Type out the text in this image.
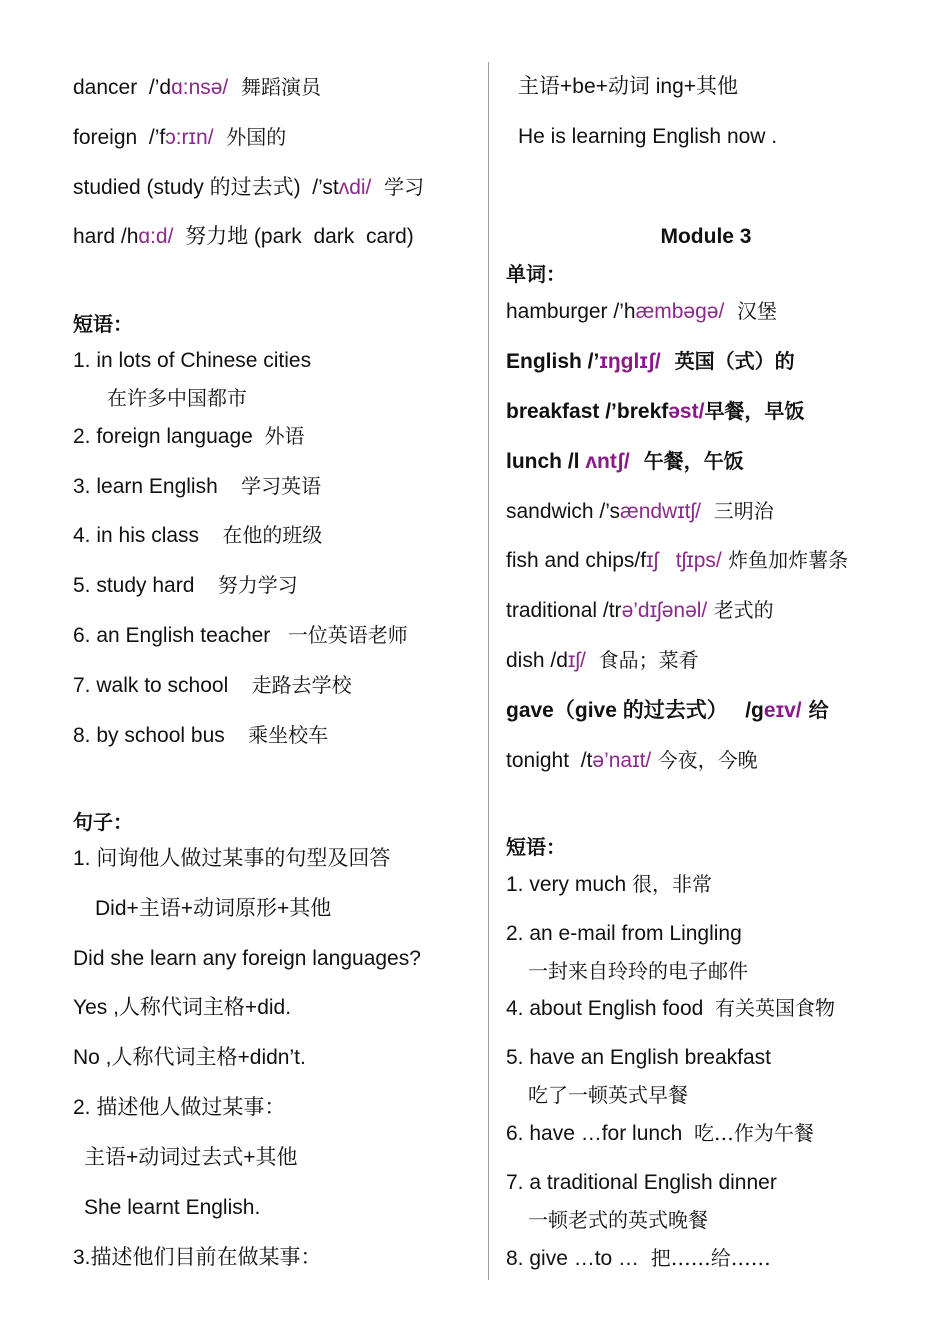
dancer  /’dɑ:nsə/  舞蹈演员
foreign  /’fɔ:rɪn/  外国的
studied (study 的过去式)  /’stʌdi/  学习
hard /hɑ:d/  努力地 (park  dark  card)
短语：
1. in lots of Chinese cities
在许多中国都市
2. foreign language 外语
3. learn English 学习英语
4. in his class 在他的班级
5. study hard 努力学习
6. an English teacher 一位英语老师
7. walk to school 走路去学校
8. by school bus 乘坐校车
句子：
1. 问询他人做过某事的句型及回答
Did+主语+动词原形+其他
Did she learn any foreign languages?
Yes ,人称代词主格+did.
No ,人称代词主格+didn’t.
2. 描述他人做过某事：
主语+动词过去式+其他
She learnt English.
3.描述他们目前在做某事：
主语+be+动词 ing+其他
He is learning English now .
Module 3
单词：
hamburger /’hæmbəgə/  汉堡
English /’ɪŋglɪʃ/  英国（式）的
breakfast /’brekfəst/早餐，早饭
lunch /l ʌntʃ/  午餐，午饭
sandwich /’sændwɪtʃ/  三明治
fish and chips/fɪʃ   tʃɪps/ 炸鱼加炸薯条
traditional /trə’dɪʃənəl/ 老式的
dish /dɪʃ/  食品；菜肴
gave（give 的过去式）   /geɪv/ 给
tonight  /tə’naɪt/ 今夜，今晚
短语：
1. very much 很，非常
2. an e-mail from Lingling
一封来自玲玲的电子邮件
4. about English food 有关英国食物
5. have an English breakfast
吃了一顿英式早餐
6. have …for lunch 吃…作为午餐
7. a traditional English dinner
一顿老式的英式晚餐
8. give …to … 把……给……
